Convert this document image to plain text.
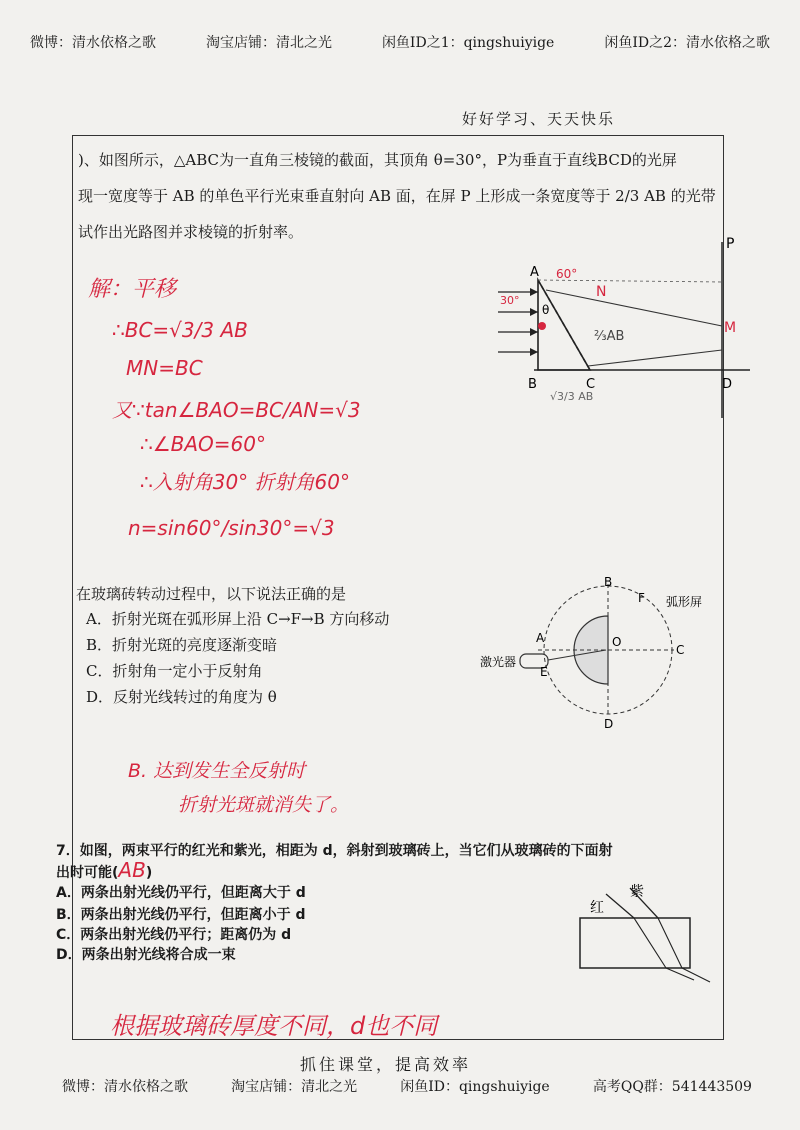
微博：清水依格之歌	淘宝店铺：清北之光	闲鱼ID之1：qingshuiyige	闲鱼ID之2：清水依格之歌
好好学习、天天快乐
)、如图所示，△ABC为一直角三棱镜的截面，其顶角 θ=30°，P为垂直于直线BCD的光屏
现一宽度等于 AB 的单色平行光束垂直射向 AB 面，在屏 P 上形成一条宽度等于 2/3 AB 的光带
试作出光路图并求棱镜的折射率。
解：平移
∴BC=√3/3 AB
MN=BC
又∵tan∠BAO=BC/AN=√3
∴∠BAO=60°
∴入射角30° 折射角60°
n=sin60°/sin30°=√3
P
A
B	C	D
θ
60°
30°
N
M
⅔AB
√3/3 AB
在玻璃砖转动过程中，以下说法正确的是
A．折射光斑在弧形屏上沿 C→F→B 方向移动
B．折射光斑的亮度逐渐变暗
C．折射角一定小于反射角
D．反射光线转过的角度为 θ
B. 达到发生全反射时
折射光斑就消失了。
B
F 弧形屏
A	O
C
E
D
激光器
7．如图，两束平行的红光和紫光，相距为 d，斜射到玻璃砖上，当它们从玻璃砖的下面射
出时可能(AB)
A．两条出射光线仍平行，但距离大于 d
B．两条出射光线仍平行，但距离小于 d
C．两条出射光线仍平行；距离仍为 d
D．两条出射光线将合成一束
红
紫
根据玻璃砖厚度不同，d也不同
抓住课堂，提高效率
微博：清水依格之歌	淘宝店铺：清北之光	闲鱼ID：qingshuiyige	高考QQ群：541443509
